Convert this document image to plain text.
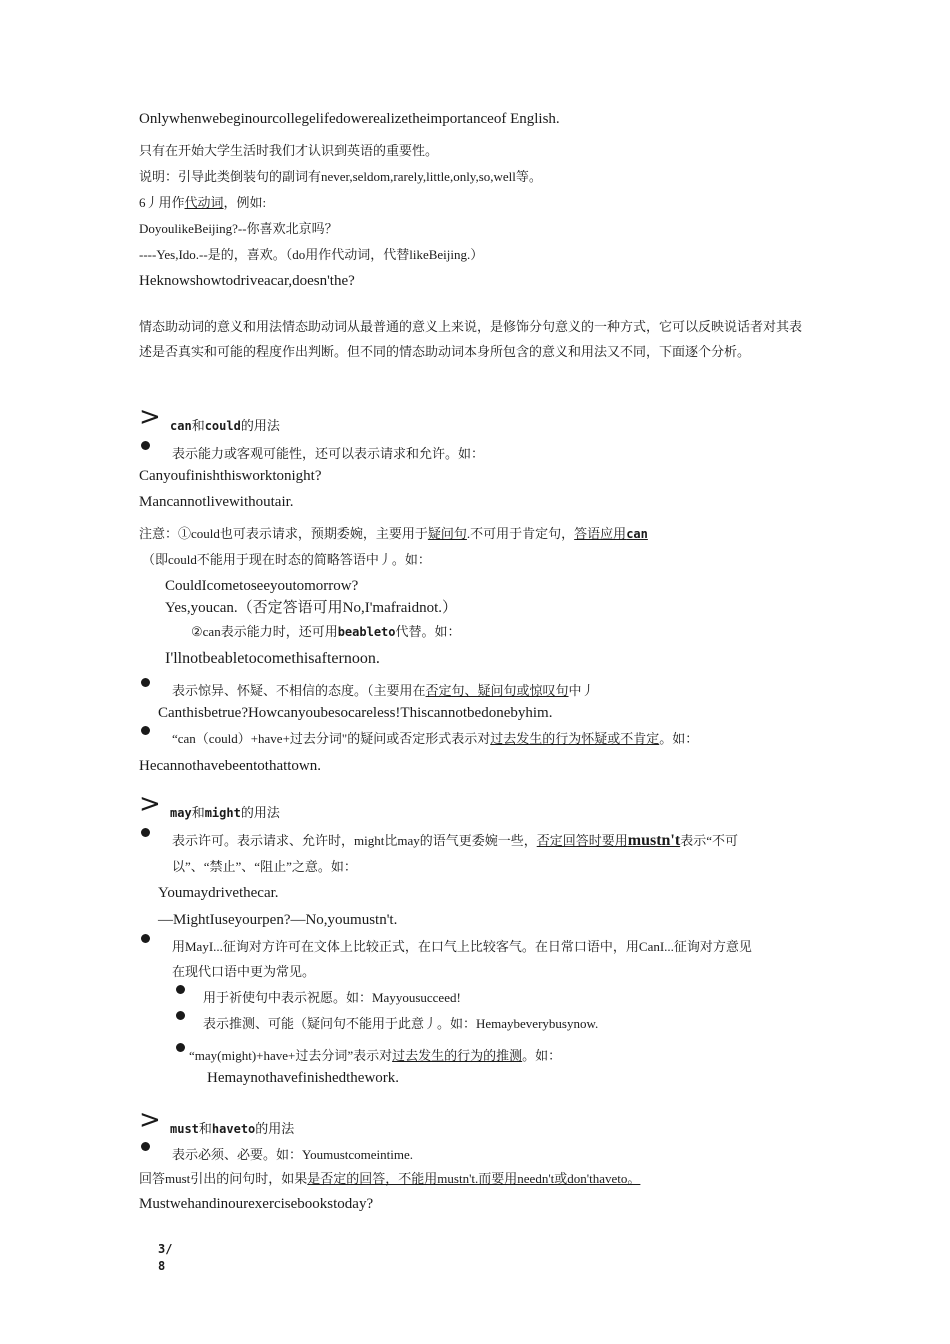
Onlywhenwebeginourcollegelifedowerealizetheimportanceof English.
只有在开始大学生活时我们才认识到英语的重要性。
说明：引导此类倒装句的副词有never,seldom,rarely,little,only,so,well等。
6丿用作代动词，例如:
DoyoulikeBeijing?--你喜欢北京吗？
----Yes,Ido.--是的，喜欢。（do用作代动词，代替likeBeijing.）
Heknowshowtodriveacar,doesn'the?
情态助动词的意义和用法情态助动词从最普通的意义上来说，是修饰分句意义的一种方式，它可以反映说话者对其表述是否真实和可能的程度作出判断。但不同的情态助动词本身所包含的意义和用法又不同，下面逐个分析。
> can和could的用法
表示能力或客观可能性，还可以表示请求和允许。如：
Canyoufinishthisworktonight?
Mancannotlivewithoutair.
注意：①could也可表示请求，预期委婉，主要用于疑问句.不可用于肯定句，答语应用can
（即could不能用于现在时态的简略答语中丿。如：
CouldIcometoseeyoutomorrow?
Yes,youcan.（否定答语可用No,I'mafraidnot.）
②can表示能力时，还可用beableto代替。如：
I'llnotbeabletocomethisafternoon.
表示惊异、怀疑、不相信的态度。（主要用在否定句、疑问句或惊叹句中丿
Canthisbetrue?Howcanyoubesocareless!Thiscannotbedonebyhim.
“can（could）+have+过去分词"的疑问或否定形式表示对过去发生的行为怀疑或不肯定。如：
Hecannothavebeentothattown.
> may和might的用法
表示许可。表示请求、允许时，might比may的语气更委婉一些，否定回答时要用mustn't表示“不可
以”、“禁止”、“阻止”之意。如：
Youmaydrivethecar.
—MightIuseyourpen?—No,youmustn't.
用MayI...征询对方许可在文体上比较正式，在口气上比较客气。在日常口语中，用CanI...征询对方意见
在现代口语中更为常见。
用于祈使句中表示祝愿。如：Mayyousucceed!
表示推测、可能（疑问句不能用于此意丿。如：Hemaybeverybusynow.
“may(might)+have+过去分词”表示对过去发生的行为的推测。如：
Hemaynothavefinishedthework.
> must和haveto的用法
表示必须、必要。如：Youmustcomeintime.
回答must引出的问句时，如果是否定的回答，不能用mustn't.而要用needn't或don'thaveto。
Mustwehandinourexercisebookstoday?
3/
8
